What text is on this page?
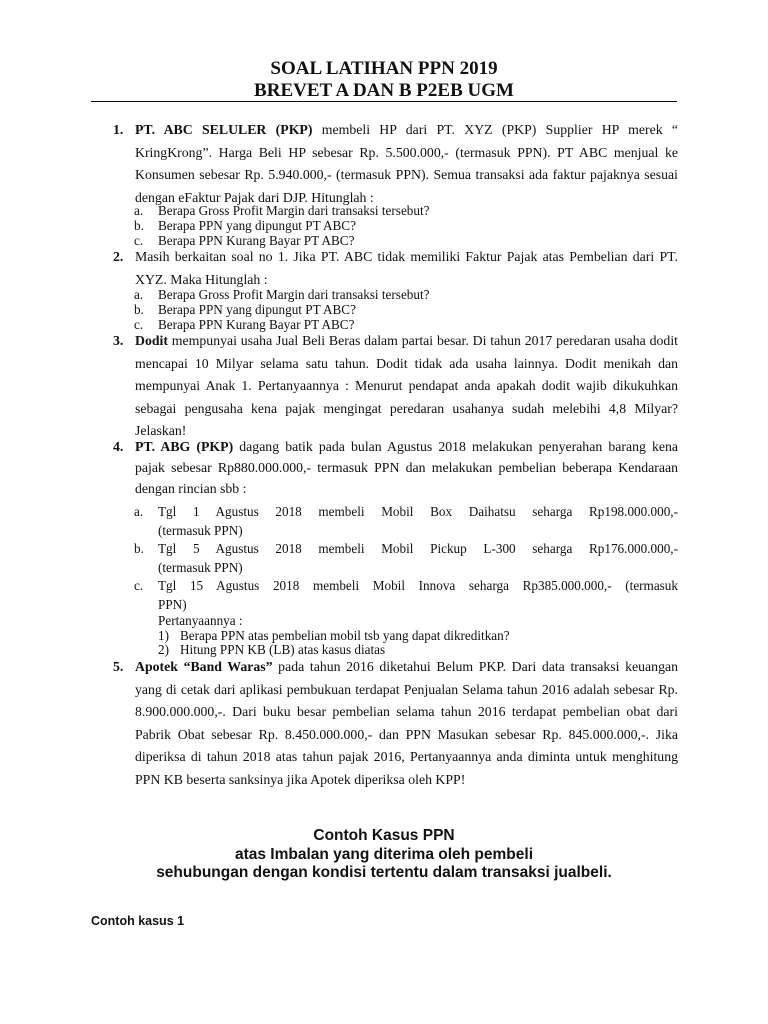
SOAL LATIHAN PPN 2019
BREVET A DAN B P2EB UGM
1. PT. ABC SELULER (PKP) membeli HP dari PT. XYZ (PKP) Supplier HP merek “ KringKrong”. Harga Beli HP sebesar Rp. 5.500.000,- (termasuk PPN). PT ABC menjual ke Konsumen sebesar Rp. 5.940.000,- (termasuk PPN). Semua transaksi ada faktur pajaknya sesuai dengan eFaktur Pajak dari DJP. Hitunglah :
a. Berapa Gross Profit Margin dari transaksi tersebut?
b. Berapa PPN yang dipungut PT ABC?
c. Berapa PPN Kurang Bayar PT ABC?
2. Masih berkaitan soal no 1. Jika PT. ABC tidak memiliki Faktur Pajak atas Pembelian dari PT. XYZ. Maka Hitunglah :
a. Berapa Gross Profit Margin dari transaksi tersebut?
b. Berapa PPN yang dipungut PT ABC?
c. Berapa PPN Kurang Bayar PT ABC?
3. Dodit mempunyai usaha Jual Beli Beras dalam partai besar. Di tahun 2017 peredaran usaha dodit mencapai 10 Milyar selama satu tahun. Dodit tidak ada usaha lainnya. Dodit menikah dan mempunyai Anak 1. Pertanyaannya : Menurut pendapat anda apakah dodit wajib dikukuhkan sebagai pengusaha kena pajak mengingat peredaran usahanya sudah melebihi 4,8 Milyar? Jelaskan!
4. PT. ABG (PKP) dagang batik pada bulan Agustus 2018 melakukan penyerahan barang kena pajak sebesar Rp880.000.000,- termasuk PPN dan melakukan pembelian beberapa Kendaraan dengan rincian sbb :
a. Tgl 1 Agustus 2018 membeli Mobil Box Daihatsu seharga Rp198.000.000,-
(termasuk PPN)
b. Tgl 5 Agustus 2018 membeli Mobil Pickup L-300 seharga Rp176.000.000,-
(termasuk PPN)
c. Tgl 15 Agustus 2018 membeli Mobil Innova seharga Rp385.000.000,- (termasuk
PPN)
Pertanyaannya :
1) Berapa PPN atas pembelian mobil tsb yang dapat dikreditkan?
2) Hitung PPN KB (LB) atas kasus diatas
5. Apotek “Band Waras” pada tahun 2016 diketahui Belum PKP. Dari data transaksi keuangan yang di cetak dari aplikasi pembukuan terdapat Penjualan Selama tahun 2016 adalah sebesar Rp. 8.900.000.000,-. Dari buku besar pembelian selama tahun 2016 terdapat pembelian obat dari Pabrik Obat sebesar Rp. 8.450.000.000,- dan PPN Masukan sebesar Rp. 845.000.000,-. Jika diperiksa di tahun 2018 atas tahun pajak 2016, Pertanyaannya anda diminta untuk menghitung PPN KB beserta sanksinya jika Apotek diperiksa oleh KPP!
Contoh Kasus PPN
atas Imbalan yang diterima oleh pembeli
sehubungan dengan kondisi tertentu dalam transaksi jualbeli.
Contoh kasus 1
